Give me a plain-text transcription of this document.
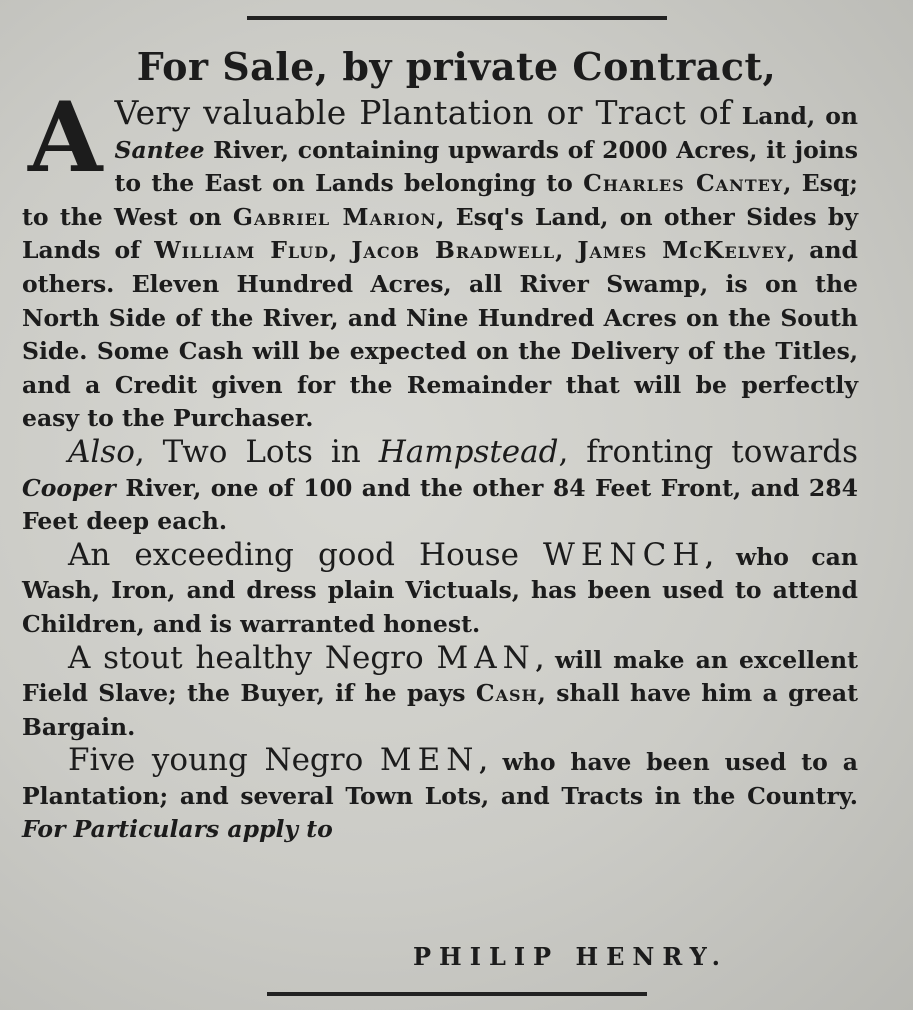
For Sale, by private Contract,

A Very valuable Plantation or Tract of Land, on Santee River, containing upwards of 2000 Acres, it joins to the East on Lands belonging to Charles Cantey, Esq; to the West on Gabriel Marion, Esq's Land, on other Sides by Lands of William Flud, Jacob Bradwell, James McKelvey, and others. Eleven Hundred Acres, all River Swamp, is on the North Side of the River, and Nine Hundred Acres on the South Side. Some Cash will be expected on the Delivery of the Titles, and a Credit given for the Remainder that will be perfectly easy to the Purchaser.

Also, Two Lots in Hampstead, fronting towards Cooper River, one of 100 and the other 84 Feet Front, and 284 Feet deep each.

An exceeding good House WENCH, who can Wash, Iron, and dress plain Victuals, has been used to attend Children, and is warranted honest.

A stout healthy Negro MAN, will make an excellent Field Slave; the Buyer, if he pays Cash, shall have him a great Bargain.

Five young Negro MEN, who have been used to a Plantation; and several Town Lots, and Tracts in the Country. For Particulars apply to

PHILIP HENRY.
